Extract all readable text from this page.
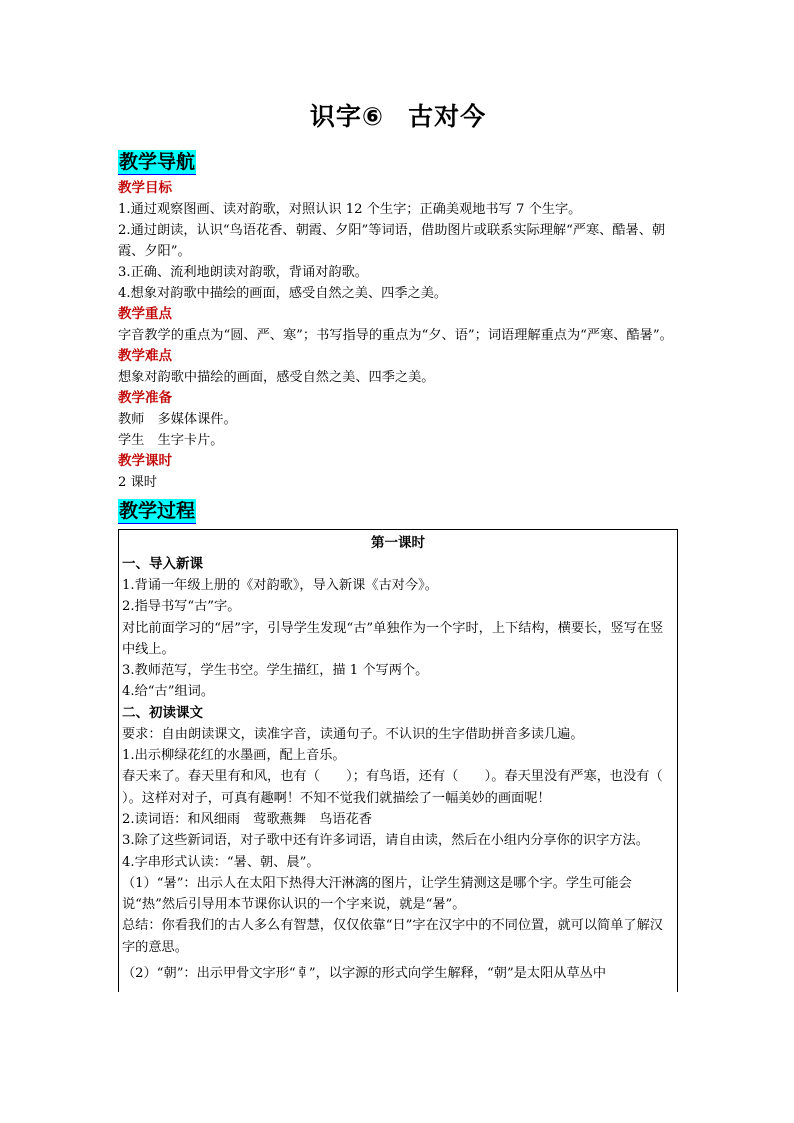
识字⑥ 古对今
教学导航
教学目标
1.通过观察图画、读对韵歌，对照认识 12 个生字；正确美观地书写 7 个生字。
2.通过朗读，认识“鸟语花香、朝霞、夕阳”等词语，借助图片或联系实际理解“严寒、酷暑、朝霞、夕阳”。
3.正确、流利地朗读对韵歌，背诵对韵歌。
4.想象对韵歌中描绘的画面，感受自然之美、四季之美。
教学重点
字音教学的重点为“圆、严、寒”；书写指导的重点为“夕、语”；词语理解重点为“严寒、酷暑”。
教学难点
想象对韵歌中描绘的画面，感受自然之美、四季之美。
教学准备
教师　多媒体课件。
学生　生字卡片。
教学课时
2 课时
教学过程
第一课时
一、导入新课
1.背诵一年级上册的《对韵歌》，导入新课《古对今》。
2.指导书写“古”字。
对比前面学习的“居”字，引导学生发现“古”单独作为一个字时，上下结构，横要长，竖写在竖中线上。
3.教师范写，学生书空。学生描红，描 1 个写两个。
4.给“古”组词。
二、初读课文
要求：自由朗读课文，读准字音，读通句子。不认识的生字借助拼音多读几遍。
1.出示柳绿花红的水墨画，配上音乐。
春天来了。春天里有和风，也有（　　）；有鸟语，还有（　　）。春天里没有严寒，也没有（　　）。这样对对子，可真有趣啊！不知不觉我们就描绘了一幅美妙的画面呢！
2.读词语：和风细雨　莺歌燕舞　鸟语花香
3.除了这些新词语，对子歌中还有许多词语，请自由读，然后在小组内分享你的识字方法。
4.字串形式认读：“暑、朝、晨”。
（1）“暑”：出示人在太阳下热得大汗淋漓的图片，让学生猜测这是哪个字。学生可能会说“热”然后引导用本节课你认识的一个字来说，就是“暑”。
总结：你看我们的古人多么有智慧，仅仅依靠“日”字在汉字中的不同位置，就可以简单了解汉字的意思。
（2）“朝”：出示甲骨文字形“𠦝”，以字源的形式向学生解释，“朝”是太阳从草丛中
